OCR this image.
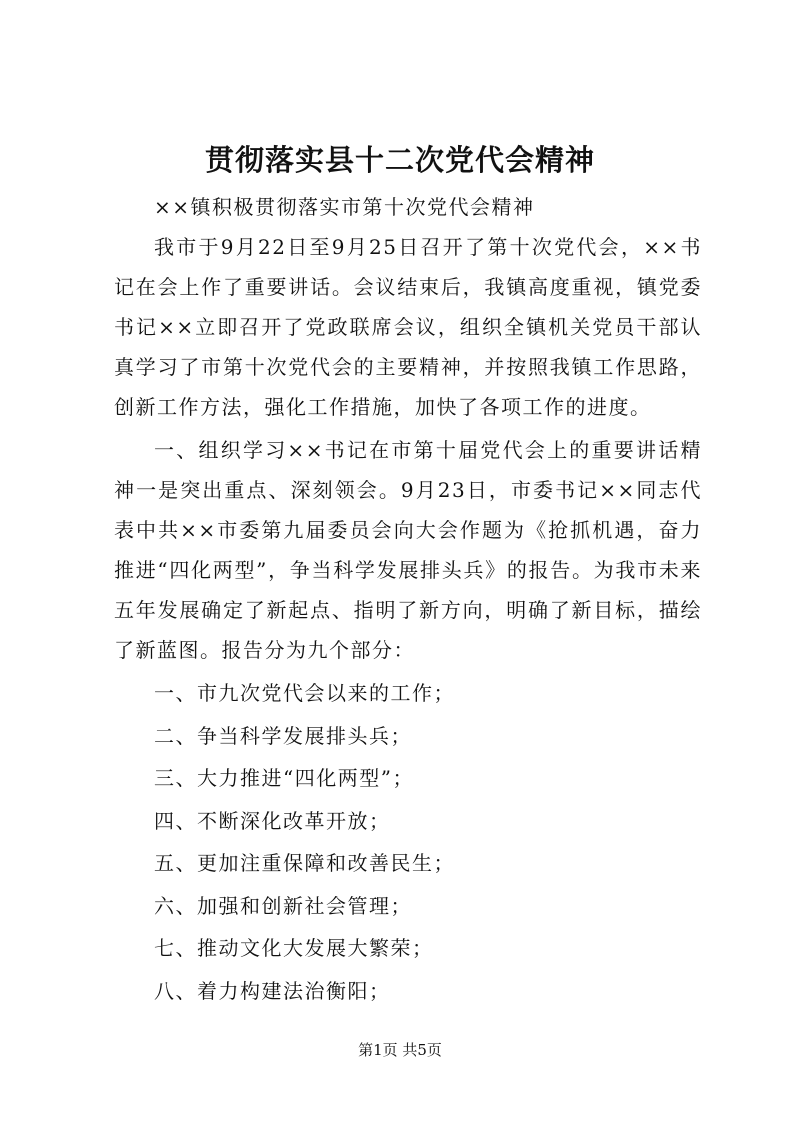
贯彻落实县十二次党代会精神

××镇积极贯彻落实市第十次党代会精神

我市于9月22日至9月25日召开了第十次党代会，××书记在会上作了重要讲话。会议结束后，我镇高度重视，镇党委书记××立即召开了党政联席会议，组织全镇机关党员干部认真学习了市第十次党代会的主要精神，并按照我镇工作思路，创新工作方法，强化工作措施，加快了各项工作的进度。

一、组织学习××书记在市第十届党代会上的重要讲话精神一是突出重点、深刻领会。9月23日，市委书记××同志代表中共××市委第九届委员会向大会作题为《抢抓机遇，奋力推进“四化两型”，争当科学发展排头兵》的报告。为我市未来五年发展确定了新起点、指明了新方向，明确了新目标，描绘了新蓝图。报告分为九个部分：

一、市九次党代会以来的工作；

二、争当科学发展排头兵；

三、大力推进“四化两型”；

四、不断深化改革开放；

五、更加注重保障和改善民生；

六、加强和创新社会管理；

七、推动文化大发展大繁荣；

八、着力构建法治衡阳；

第1页 共5页
